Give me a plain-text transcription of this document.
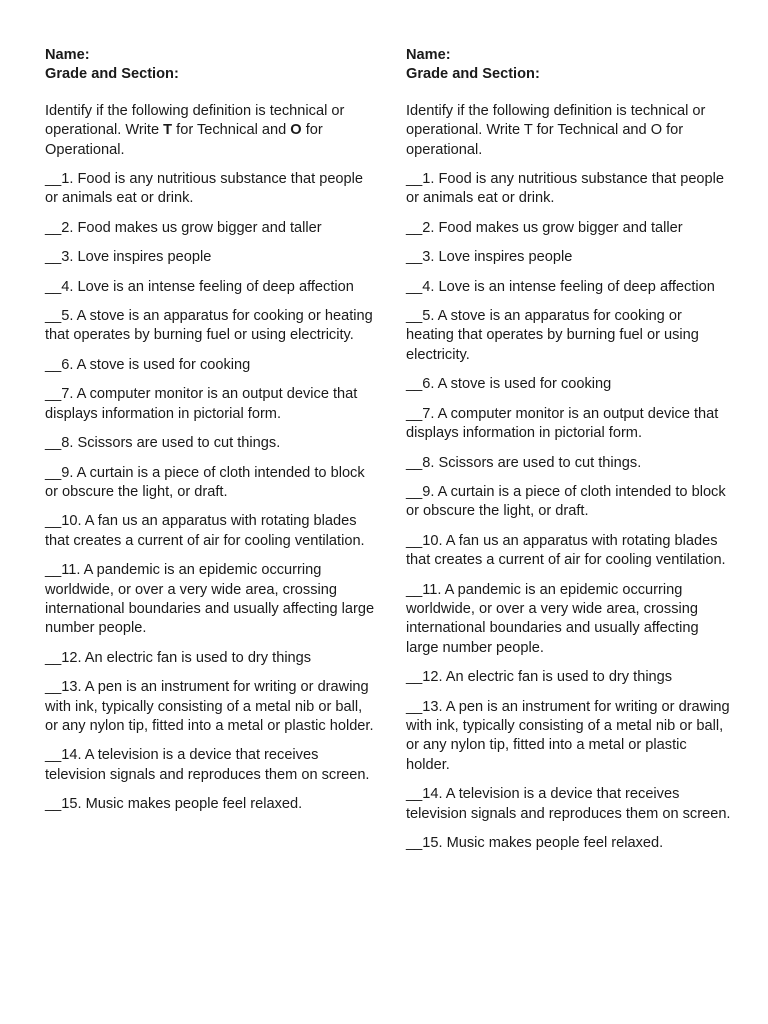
Name:
Grade and Section:
Identify if the following definition is technical or operational. Write T for Technical and O for Operational.
__1. Food is any nutritious substance that people or animals eat or drink.
__2. Food makes us grow bigger and taller
__3. Love inspires people
__4. Love is an intense feeling of deep affection
__5. A stove is an apparatus for cooking or heating that operates by burning fuel or using electricity.
__6. A stove is used for cooking
__7. A computer monitor is an output device that displays information in pictorial form.
__8. Scissors are used to cut things.
__9. A curtain is a piece of cloth intended to block or obscure the light, or draft.
__10. A fan us an apparatus with rotating blades that creates a current of air for cooling ventilation.
__11. A pandemic is an epidemic occurring worldwide, or over a very wide area, crossing international boundaries and usually affecting large number people.
__12. An electric fan is used to dry things
__13. A pen is an instrument for writing or drawing with ink, typically consisting of a metal nib or ball, or any nylon tip, fitted into a metal or plastic holder.
__14. A television is a device that receives television signals and reproduces them on screen.
__15. Music makes people feel relaxed.
Name:
Grade and Section:
Identify if the following definition is technical or operational. Write T for Technical and O for operational.
__1. Food is any nutritious substance that people or animals eat or drink.
__2. Food makes us grow bigger and taller
__3. Love inspires people
__4. Love is an intense feeling of deep affection
__5. A stove is an apparatus for cooking or heating that operates by burning fuel or using electricity.
__6. A stove is used for cooking
__7. A computer monitor is an output device that displays information in pictorial form.
__8. Scissors are used to cut things.
__9. A curtain is a piece of cloth intended to block or obscure the light, or draft.
__10. A fan us an apparatus with rotating blades that creates a current of air for cooling ventilation.
__11. A pandemic is an epidemic occurring worldwide, or over a very wide area, crossing international boundaries and usually affecting large number people.
__12. An electric fan is used to dry things
__13. A pen is an instrument for writing or drawing with ink, typically consisting of a metal nib or ball, or any nylon tip, fitted into a metal or plastic holder.
__14. A television is a device that receives television signals and reproduces them on screen.
__15. Music makes people feel relaxed.
